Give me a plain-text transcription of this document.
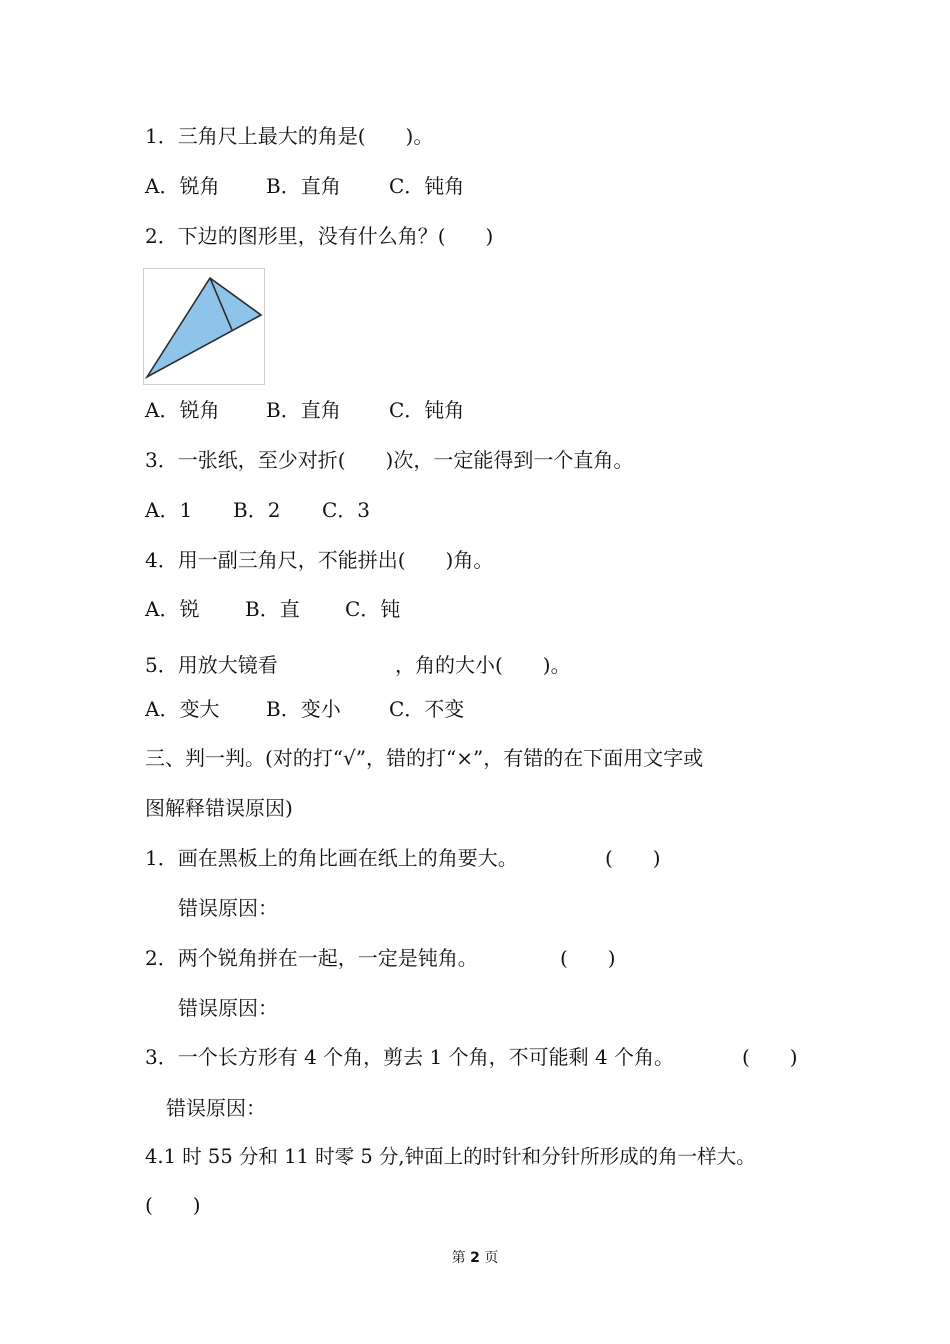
1．三角尺上最大的角是(　　)。
A．锐角 B．直角 C．钝角
2．下边的图形里，没有什么角？(　　)
A．锐角 B．直角 C．钝角
3．一张纸，至少对折(　　)次，一定能得到一个直角。
A．1 B．2 C．3
4．用一副三角尺，不能拼出(　　)角。
A．锐 B．直 C．钝
5．用放大镜看	，角的大小(　　)。
A．变大 B．变小 C．不变
三、判一判。(对的打“√”，错的打“×”，有错的在下面用文字或
图解释错误原因)
1．画在黑板上的角比画在纸上的角要大。	(　　)
错误原因：
2．两个锐角拼在一起，一定是钝角。	(　　)
错误原因：
3．一个长方形有 4 个角，剪去 1 个角，不可能剩 4 个角。	(　　)
错误原因：
4.1 时 55 分和 11 时零 5 分,钟面上的时针和分针所形成的角一样大。
(　　)
第 2 页
